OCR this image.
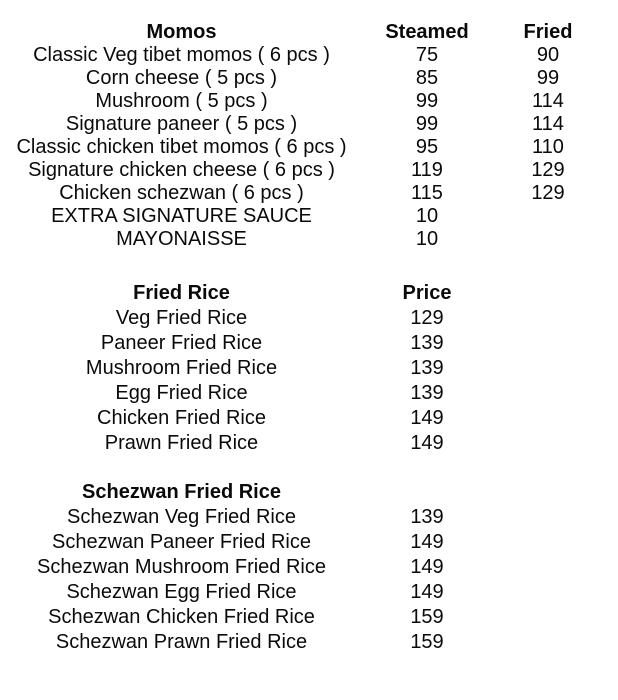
Momos	Steamed	Fried
Classic Veg tibet momos ( 6 pcs )	75	90
Corn cheese ( 5 pcs )	85	99
Mushroom ( 5 pcs )	99	114
Signature paneer ( 5 pcs )	99	114
Classic chicken tibet momos ( 6 pcs )	95	110
Signature chicken cheese ( 6 pcs )	119	129
Chicken schezwan ( 6 pcs )	115	129
EXTRA SIGNATURE SAUCE	10
MAYONAISSE	10
Fried Rice	Price
Veg Fried Rice	129
Paneer Fried Rice	139
Mushroom Fried Rice	139
Egg Fried Rice	139
Chicken Fried Rice	149
Prawn Fried Rice	149
Schezwan Fried Rice
Schezwan Veg Fried Rice	139
Schezwan Paneer Fried Rice	149
Schezwan Mushroom Fried Rice	149
Schezwan Egg Fried Rice	149
Schezwan Chicken Fried Rice	159
Schezwan Prawn Fried Rice	159
